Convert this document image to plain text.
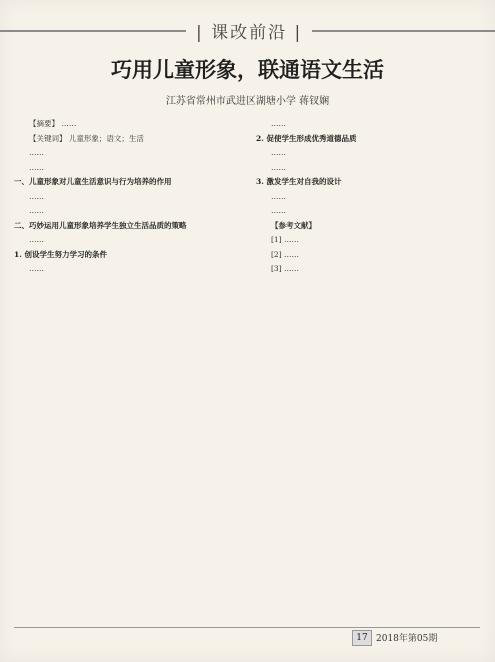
| 课改前沿 |
巧用儿童形象，联通语文生活
江苏省常州市武进区湖塘小学 蒋钗娴

【摘要】 ……

【关键词】 儿童形象；语文；生活

……

……

一、儿童形象对儿童生活意识与行为培养的作用

……

……

二、巧妙运用儿童形象培养学生独立生活品质的策略

……

1. 创设学生努力学习的条件

……

……

2. 促使学生形成优秀道德品质

……

……

3. 激发学生对自我的设计

……

……

【参考文献】

[1] ……

[2] ……

[3] ……

17 2018年第05期
